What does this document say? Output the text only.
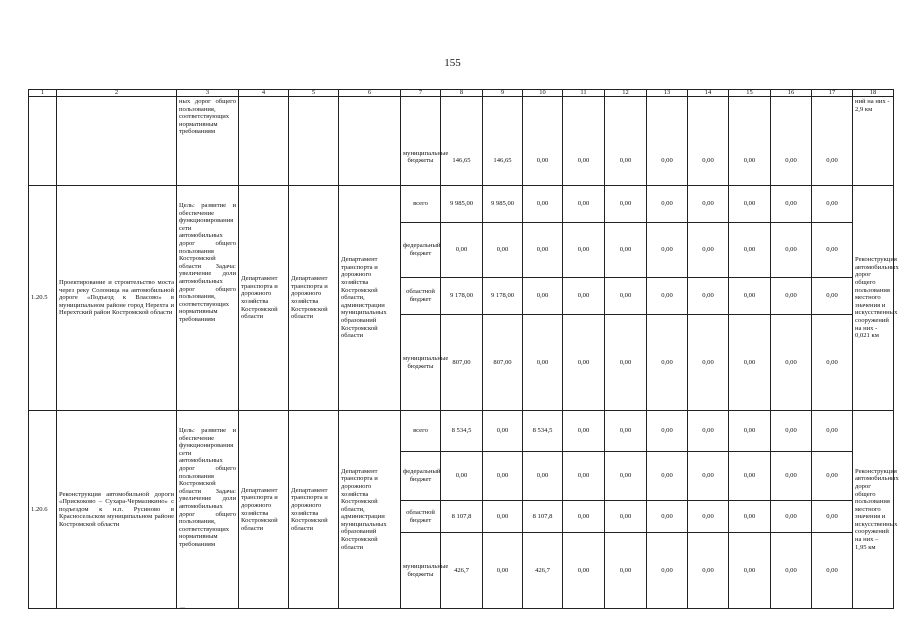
155
1	2	3	4	5	6	7	8	9	10	11	12	13	14	15	16	17	18
		ных дорог общего пользования, соответствующих нормативным требованиям				муниципальные бюджеты	146,65	146,65	0,00	0,00	0,00	0,00	0,00	0,00	0,00	0,00	ний на них - 2,9 км
1.20.5	Проектирование и строительство моста через реку Солоница на автомобильной дороге «Подъезд к Власово» в муниципальном районе город Нерехта и Нерехтский район Костромской области	Цель: развитие и обеспечение функционирования сети автомобильных дорог общего пользования Костромской области Задача: увеличение доли автомобильных дорог общего пользования, соответствующих нормативным требованиям	Департамент транспорта и дорожного хозяйства Костромской области	Департамент транспорта и дорожного хозяйства Костромской области	Департамент транспорта и дорожного хозяйства Костромской области, администрации муниципальных образований Костромской области	всего	9 985,00	9 985,00	0,00	0,00	0,00	0,00	0,00	0,00	0,00	0,00	Реконструкция автомобильных дорог общего пользования местного значения и искусственных сооружений на них - 0,021 км
						федеральный бюджет	0,00	0,00	0,00	0,00	0,00	0,00	0,00	0,00	0,00	0,00	
						областной бюджет	9 178,00	9 178,00	0,00	0,00	0,00	0,00	0,00	0,00	0,00	0,00	
						муниципальные бюджеты	807,00	807,00	0,00	0,00	0,00	0,00	0,00	0,00	0,00	0,00	
1.20.6	Реконструкция автомобильной дороги «Прискоково – Сухара-Чермазикино» с подъездом к н.п. Русиново в Красносельском муниципальном районе Костромской области	Цель: развитие и обеспечение функционирования сети автомобильных дорог общего пользования Костромской области Задача: увеличение доли автомобильных дорог общего пользования, соответствующих нормативным требованиям	Департамент транспорта и дорожного хозяйства Костромской области	Департамент транспорта и дорожного хозяйства Костромской области	Департамент транспорта и дорожного хозяйства Костромской области, администрации муниципальных образований Костромской области	всего	8 534,5	0,00	8 534,5	0,00	0,00	0,00	0,00	0,00	0,00	0,00	Реконструкция автомобильных дорог общего пользования местного значения и искусственных сооружений на них – 1,95 км
						федеральный бюджет	0,00	0,00	0,00	0,00	0,00	0,00	0,00	0,00	0,00	0,00	
						областной бюджет	8 107,8	0,00	8 107,8	0,00	0,00	0,00	0,00	0,00	0,00	0,00	
						муниципальные бюджеты	426,7	0,00	426,7	0,00	0,00	0,00	0,00	0,00	0,00	0,00	
—
